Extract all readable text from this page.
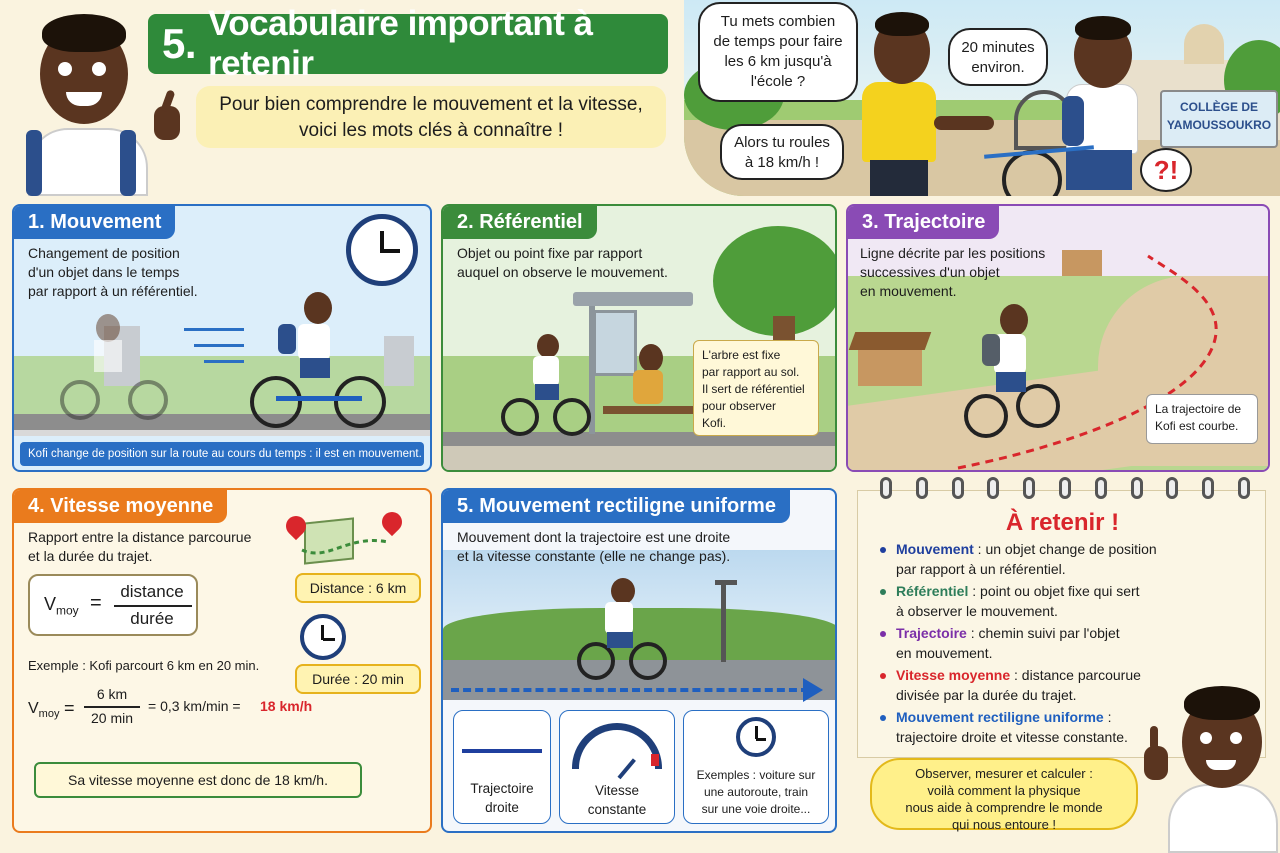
5. Vocabulaire important à retenir
Pour bien comprendre le mouvement et la vitesse,
voici les mots clés à connaître !
COLLÈGE DE
YAMOUSSOUKRO
?!
Tu mets combien
de temps pour faire
les 6 km jusqu'à
l'école ?
20 minutes
environ.
Alors tu roules
à 18 km/h !
1. Mouvement
Changement de position
d'un objet dans le temps
par rapport à un référentiel.
Kofi change de position sur la route au cours du temps : il est en mouvement.
2. Référentiel
Objet ou point fixe par rapport
auquel on observe le mouvement.
L'arbre est fixe
par rapport au sol.
Il sert de référentiel
pour observer
Kofi.
3. Trajectoire
Ligne décrite par les positions
successives d'un objet
en mouvement.
La trajectoire de
Kofi est courbe.
4. Vitesse moyenne
Rapport entre la distance parcourue
et la durée du trajet.
$V_{moy}$ =
distance
durée
Distance : 6 km
Durée : 20 min
Exemple : Kofi parcourt 6 km en 20 min.
$V_{moy}$ =
6 km
20 min
= 0,3 km/min = 18 km/h
Sa vitesse moyenne est donc de 18 km/h.
5. Mouvement rectiligne uniforme
Mouvement dont la trajectoire est une droite
et la vitesse constante (elle ne change pas).
Trajectoire
droite
Vitesse
constante
Exemples : voiture sur
une autoroute, train
sur une voie droite...
À retenir !
Mouvement : un objet change de position
par rapport à un référentiel.
Référentiel : point ou objet fixe qui sert
à observer le mouvement.
Trajectoire : chemin suivi par l'objet
en mouvement.
Vitesse moyenne : distance parcourue
divisée par la durée du trajet.
Mouvement rectiligne uniforme :
trajectoire droite et vitesse constante.
Observer, mesurer et calculer :
voilà comment la physique
nous aide à comprendre le monde
qui nous entoure !
